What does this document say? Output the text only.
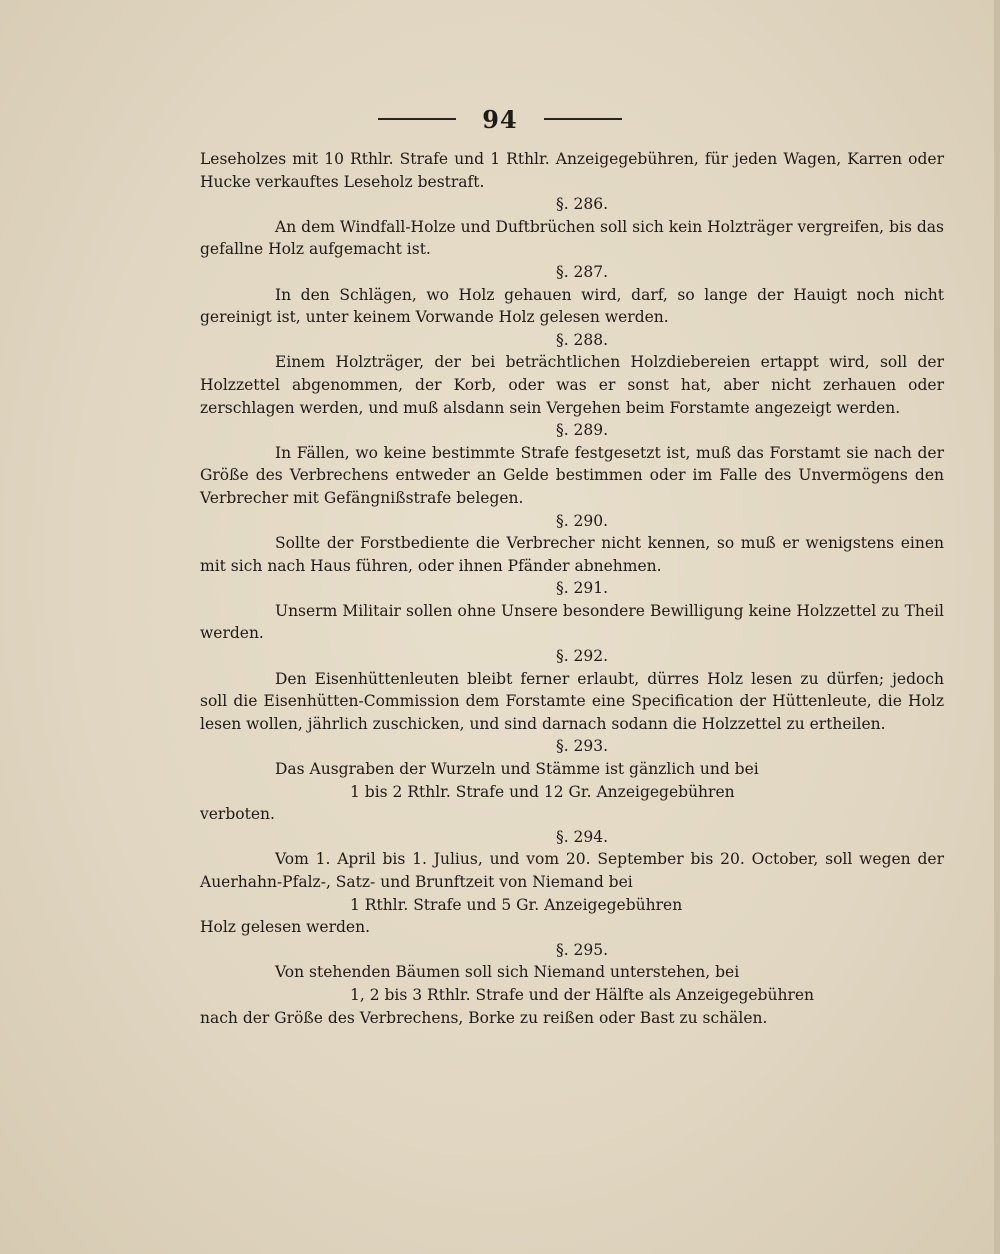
94

Leseholzes mit 10 Rthlr. Strafe und 1 Rthlr. Anzeigegebühren, für jeden Wagen, Karren oder Hucke verkauftes Leseholz bestraft.

§. 286.

An dem Windfall-Holze und Duftbrüchen soll sich kein Holzträger vergreifen, bis das gefallne Holz aufgemacht ist.

§. 287.

In den Schlägen, wo Holz gehauen wird, darf, so lange der Hauigt noch nicht gereinigt ist, unter keinem Vorwande Holz gelesen werden.

§. 288.

Einem Holzträger, der bei beträchtlichen Holzdiebereien ertappt wird, soll der Holzzettel abgenommen, der Korb, oder was er sonst hat, aber nicht zerhauen oder zerschlagen werden, und muß alsdann sein Vergehen beim Forstamte angezeigt werden.

§. 289.

In Fällen, wo keine bestimmte Strafe festgesetzt ist, muß das Forstamt sie nach der Größe des Verbrechens entweder an Gelde bestimmen oder im Falle des Unvermögens den Verbrecher mit Gefängnißstrafe belegen.

§. 290.

Sollte der Forstbediente die Verbrecher nicht kennen, so muß er wenigstens einen mit sich nach Haus führen, oder ihnen Pfänder abnehmen.

§. 291.

Unserm Militair sollen ohne Unsere besondere Bewilligung keine Holzzettel zu Theil werden.

§. 292.

Den Eisenhüttenleuten bleibt ferner erlaubt, dürres Holz lesen zu dürfen; jedoch soll die Eisenhütten-Commission dem Forstamte eine Specification der Hüttenleute, die Holz lesen wollen, jährlich zuschicken, und sind darnach sodann die Holzzettel zu ertheilen.

§. 293.

Das Ausgraben der Wurzeln und Stämme ist gänzlich und bei

1 bis 2 Rthlr. Strafe und 12 Gr. Anzeigegebühren

verboten.

§. 294.

Vom 1. April bis 1. Julius, und vom 20. September bis 20. October, soll wegen der Auerhahn-Pfalz-, Satz- und Brunftzeit von Niemand bei

1 Rthlr. Strafe und 5 Gr. Anzeigegebühren

Holz gelesen werden.

§. 295.

Von stehenden Bäumen soll sich Niemand unterstehen, bei

1, 2 bis 3 Rthlr. Strafe und der Hälfte als Anzeigegebühren

nach der Größe des Verbrechens, Borke zu reißen oder Bast zu schälen.
